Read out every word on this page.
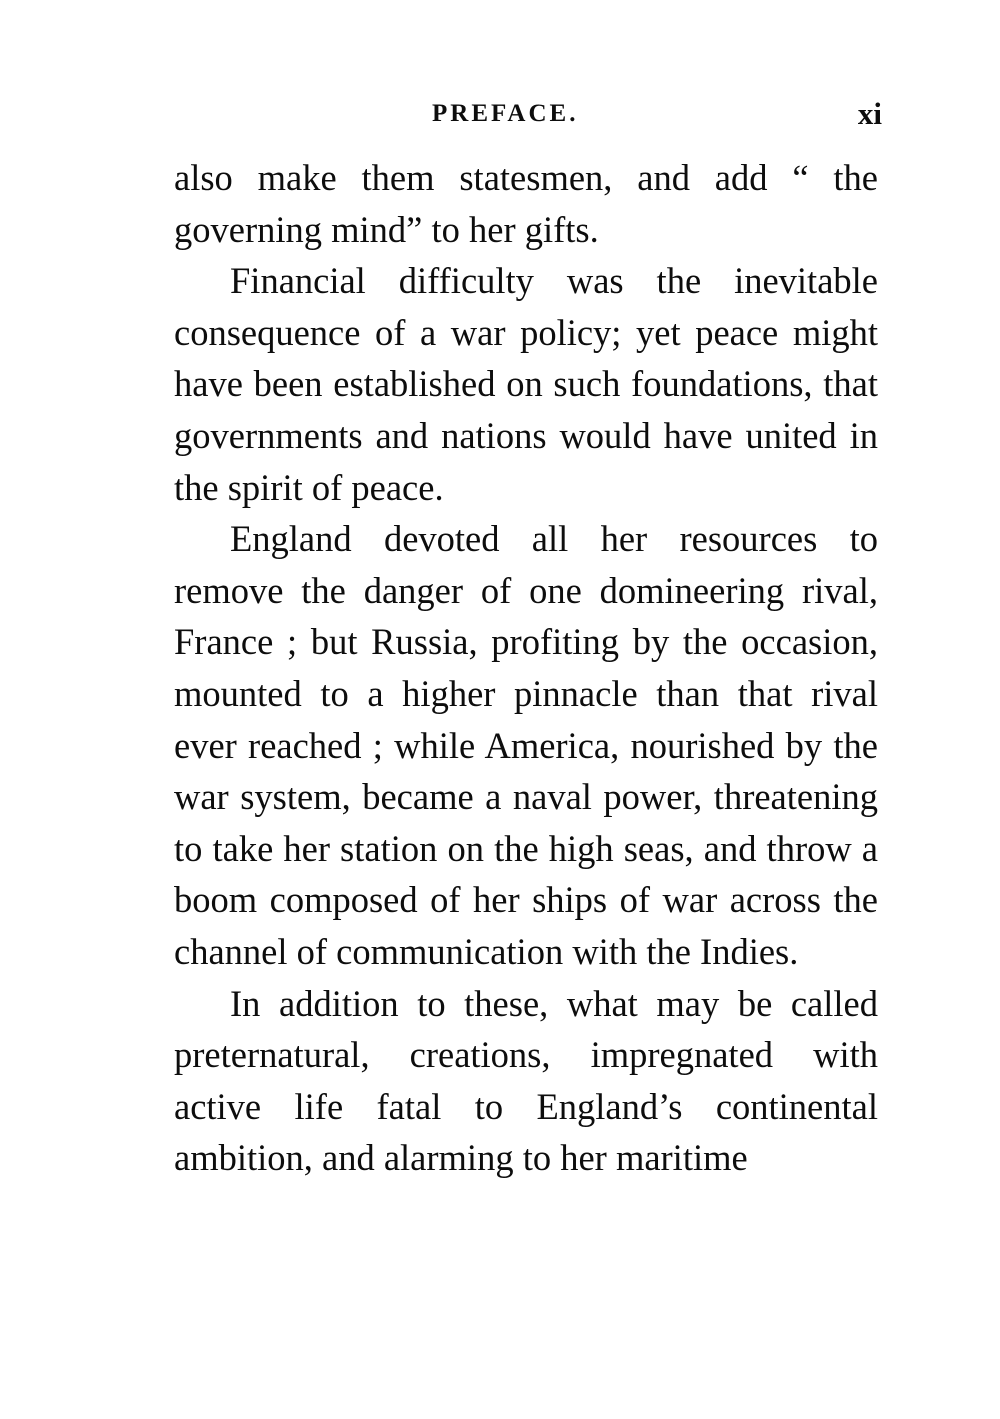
PREFACE.	xi

also make them statesmen, and add “ the governing mind” to her gifts.

Financial difficulty was the inevitable consequence of a war policy; yet peace might have been established on such foundations, that governments and nations would have united in the spirit of peace.

England devoted all her resources to remove the danger of one domineering rival, France ; but Russia, profiting by the occasion, mounted to a higher pinnacle than that rival ever reached ; while America, nourished by the war system, became a naval power, threatening to take her station on the high seas, and throw a boom composed of her ships of war across the channel of communication with the Indies.

In addition to these, what may be called preternatural, creations, impregnated with active life fatal to England’s continental ambition, and alarming to her maritime
